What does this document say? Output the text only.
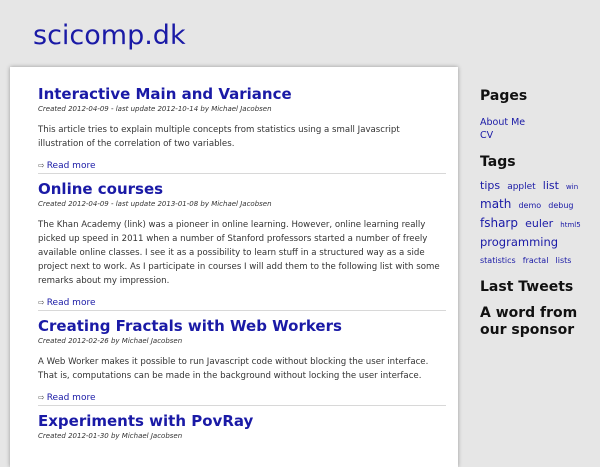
scicomp.dk
Interactive Main and Variance
Created 2012-04-09 - last update 2012-10-14 by Michael Jacobsen

This article tries to explain multiple concepts from statistics using a small Javascript illustration of the correlation of two variables.

⇨ Read more
Online courses
Created 2012-04-09 - last update 2013-01-08 by Michael Jacobsen

The Khan Academy (link) was a pioneer in online learning. However, online learning really picked up speed in 2011 when a number of Stanford professors started a number of freely available online classes. I see it as a possibility to learn stuff in a structured way as a side project next to work. As I participate in courses I will add them to the following list with some remarks about my impression.

⇨ Read more
Creating Fractals with Web Workers
Created 2012-02-26 by Michael Jacobsen

A Web Worker makes it possible to run Javascript code without blocking the user interface. That is, computations can be made in the background without locking the user interface.

⇨ Read more
Experiments with PovRay
Created 2012-01-30 by Michael Jacobsen
Pages
About Me
CV
Tags
tips applet list win math demo debug fsharp euler html5 programming statistics fractal lists
Last Tweets
A word from our sponsor
